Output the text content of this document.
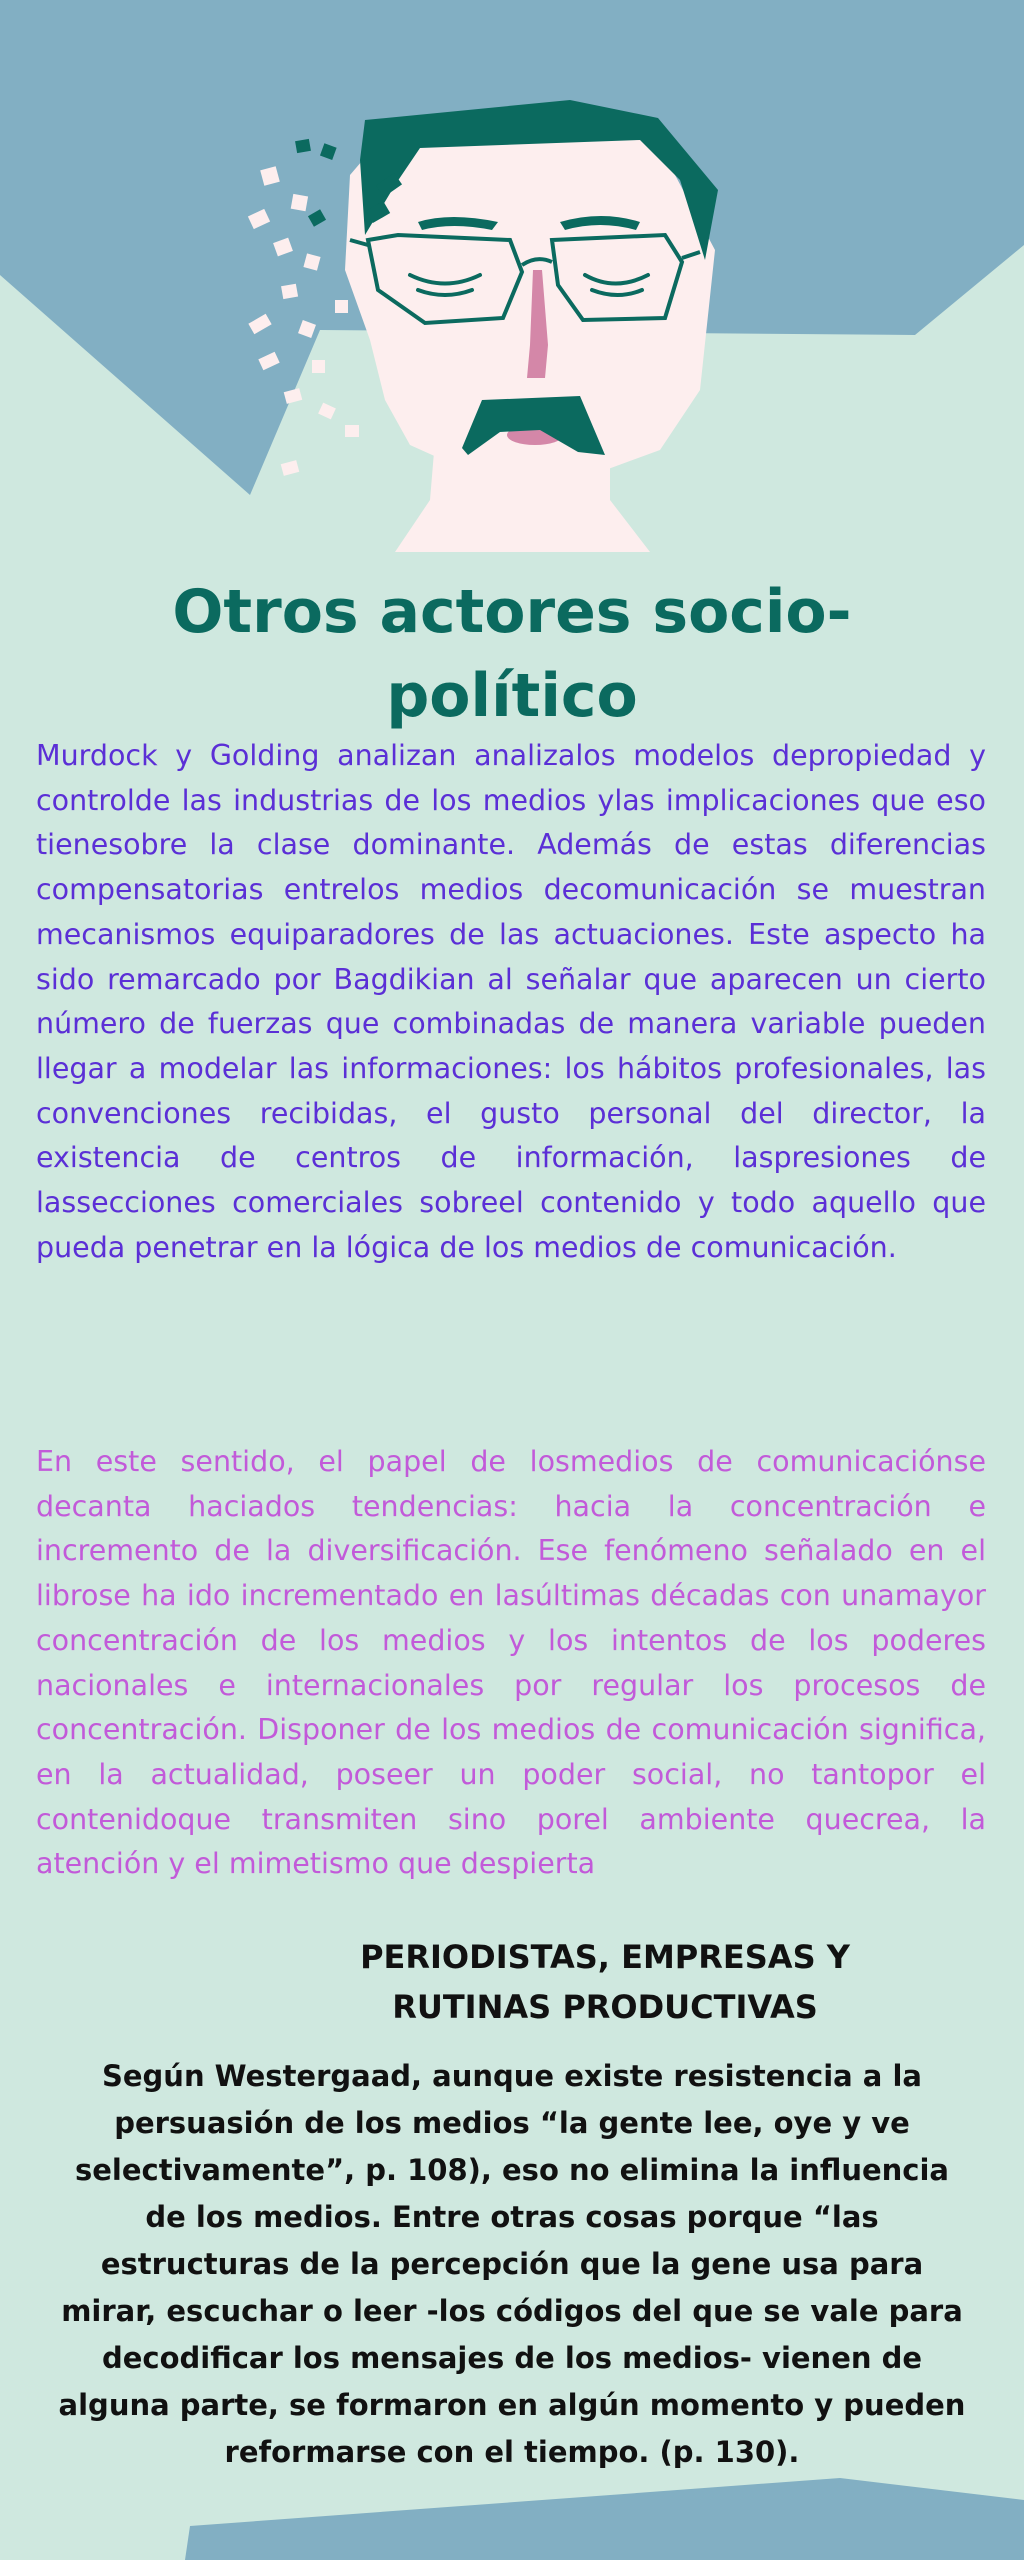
Otros actores socio-político

Murdock y Golding analizan analizalos modelos depropiedad y controlde las industrias de los medios ylas implicaciones que eso tienesobre la clase dominante. Además de estas diferencias compensatorias entrelos medios decomunicación se muestran mecanismos equiparadores de las actuaciones. Este aspecto ha sido remarcado por Bagdikian al señalar que aparecen un cierto número de fuerzas que combinadas de manera variable pueden llegar a modelar las informaciones: los hábitos profesionales, las convenciones recibidas, el gusto personal del director, la existencia de centros de información, laspresiones de lassecciones comerciales sobreel contenido y todo aquello que pueda penetrar en la lógica de los medios de comunicación.

En este sentido, el papel de losmedios de comunicaciónse decanta haciados tendencias: hacia la concentración e incremento de la diversificación. Ese fenómeno señalado en el librose ha ido incrementado en lasúltimas décadas con unamayor concentración de los medios y los intentos de los poderes nacionales e internacionales por regular los procesos de concentración. Disponer de los medios de comunicación significa, en la actualidad, poseer un poder social, no tantopor el contenidoque transmiten sino porel ambiente quecrea, la atención y el mimetismo que despierta

PERIODISTAS, EMPRESAS Y RUTINAS PRODUCTIVAS

Según Westergaad, aunque existe resistencia a la persuasión de los medios “la gente lee, oye y ve selectivamente”, p. 108), eso no elimina la influencia de los medios. Entre otras cosas porque “las estructuras de la percepción que la gene usa para mirar, escuchar o leer -los códigos del que se vale para decodificar los mensajes de los medios- vienen de alguna parte, se formaron en algún momento y pueden reformarse con el tiempo. (p. 130).
